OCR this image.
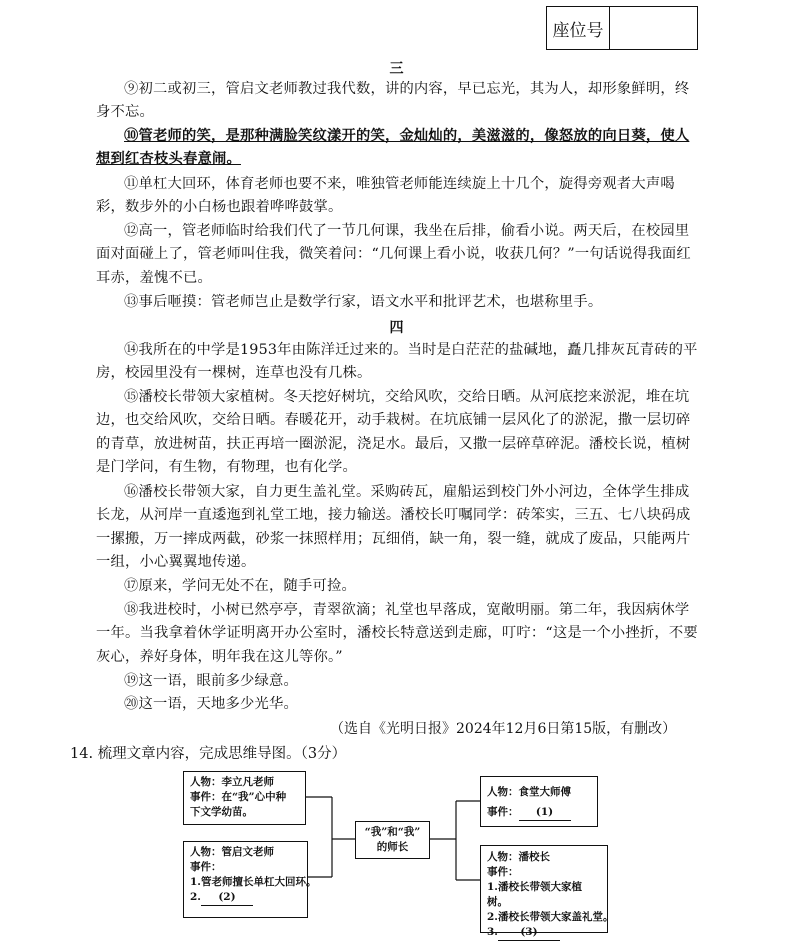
座位号
三
⑨初二或初三，管启文老师教过我代数，讲的内容，早已忘光，其为人，却形象鲜明，终身不忘。
⑩管老师的笑，是那种满脸笑纹漾开的笑，金灿灿的，美滋滋的，像怒放的向日葵，使人想到红杏枝头春意闹。
⑪单杠大回环，体育老师也要不来，唯独管老师能连续旋上十几个，旋得旁观者大声喝彩，数步外的小白杨也跟着哗哗鼓掌。
⑫高一，管老师临时给我们代了一节几何课，我坐在后排，偷看小说。两天后，在校园里面对面碰上了，管老师叫住我，微笑着问：“几何课上看小说，收获几何？”一句话说得我面红耳赤，羞愧不已。
⑬事后咂摸：管老师岂止是数学行家，语文水平和批评艺术，也堪称里手。
四
⑭我所在的中学是1953年由陈洋迁过来的。当时是白茫茫的盐碱地，矗几排灰瓦青砖的平房，校园里没有一棵树，连草也没有几株。
⑮潘校长带领大家植树。冬天挖好树坑，交给风吹，交给日晒。从河底挖来淤泥，堆在坑边，也交给风吹，交给日晒。春暖花开，动手栽树。在坑底铺一层风化了的淤泥，撒一层切碎的青草，放进树苗，扶正再培一圈淤泥，浇足水。最后，又撒一层碎草碎泥。潘校长说，植树是门学问，有生物，有物理，也有化学。
⑯潘校长带领大家，自力更生盖礼堂。采购砖瓦，雇船运到校门外小河边，全体学生排成长龙，从河岸一直逶迤到礼堂工地，接力输送。潘校长叮嘱同学：砖笨实，三五、七八块码成一摞搬，万一摔成两截，砂浆一抹照样用；瓦细俏，缺一角，裂一缝，就成了废品，只能两片一组，小心翼翼地传递。
⑰原来，学问无处不在，随手可捡。
⑱我进校时，小树已然亭亭，青翠欲滴；礼堂也早落成，宽敞明丽。第二年，我因病休学一年。当我拿着休学证明离开办公室时，潘校长特意送到走廊，叮咛：“这是一个小挫折，不要灰心，养好身体，明年我在这儿等你。”
⑲这一语，眼前多少绿意。
⑳这一语，天地多少光华。
（选自《光明日报》2024年12月6日第15版，有删改）
14. 梳理文章内容，完成思维导图。（3分）
人物：李立凡老师
事件：在“我”心中种
下文学幼苗。
人物：管启文老师
事件：
1.管老师擅长单杠大回环。
2. (2)
“我”和“我”
的师长
人物：食堂大师傅
事件： (1)
人物：潘校长
事件：
1.潘校长带领大家植树。
2.潘校长带领大家盖礼堂。
3. (3)
